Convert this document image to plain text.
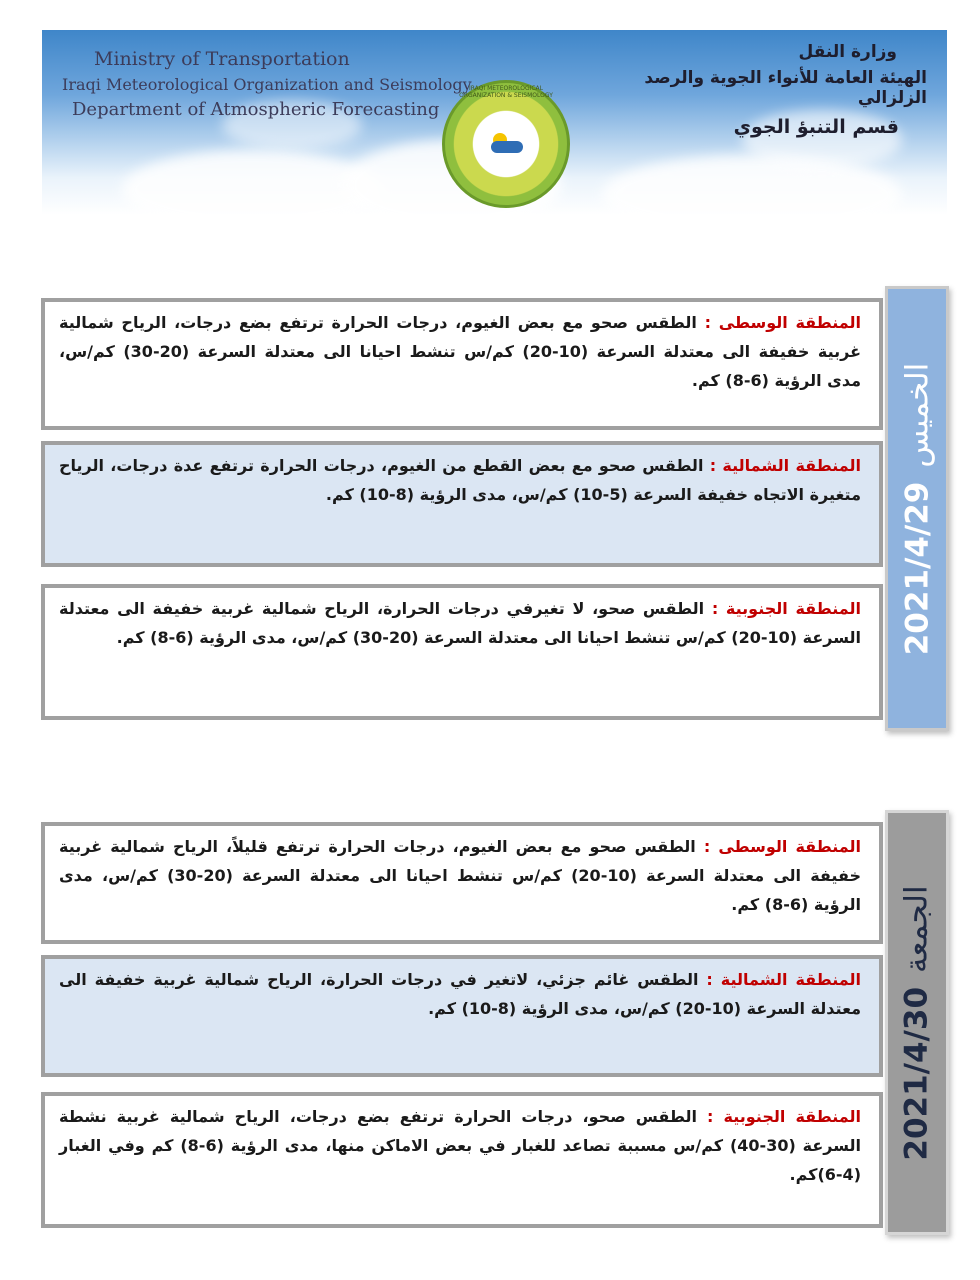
Ministry of Transportation
Iraqi Meteorological Organization and Seismology
Department of Atmospheric Forecasting
IRAQI METEOROLOGICAL ORGANIZATION & SEISMOLOGY
وزارة النقل
الهيئة العامة للأنواء الجوية والرصد الزلزالي
قسم التنبؤ الجوي
المنطقة الوسطى : الطقس صحو مع بعض الغيوم، درجات الحرارة ترتفع بضع درجات، الرياح شمالية غربية خفيفة الى معتدلة السرعة (10-20) كم/س تنشط احيانا الى معتدلة السرعة (20-30) كم/س، مدى الرؤية (6-8) كم.
المنطقة الشمالية : الطقس صحو مع بعض القطع من الغيوم، درجات الحرارة ترتفع عدة درجات، الرياح متغيرة الاتجاه خفيفة السرعة (5-10) كم/س، مدى الرؤية (8-10) كم.
المنطقة الجنوبية : الطقس صحو، لا تغيرفي درجات الحرارة، الرياح شمالية غربية خفيفة الى معتدلة السرعة (10-20) كم/س تنشط احيانا الى معتدلة السرعة (20-30) كم/س، مدى الرؤية (6-8) كم.	2021/4/29الخميس
المنطقة الوسطى : الطقس صحو مع بعض الغيوم، درجات الحرارة ترتفع قليلاً، الرياح شمالية غربية خفيفة الى معتدلة السرعة (10-20) كم/س تنشط احيانا الى معتدلة السرعة (20-30) كم/س، مدى الرؤية (6-8) كم.
المنطقة الشمالية : الطقس غائم جزئي، لاتغير في درجات الحرارة، الرياح شمالية غربية خفيفة الى معتدلة السرعة (10-20) كم/س، مدى الرؤية (8-10) كم.
المنطقة الجنوبية : الطقس صحو، درجات الحرارة ترتفع بضع درجات، الرياح شمالية غربية نشطة السرعة (30-40) كم/س مسببة تصاعد للغبار في بعض الاماكن منها، مدى الرؤية (6-8) كم وفي الغبار (4-6)كم.
2021/4/30الجمعة
